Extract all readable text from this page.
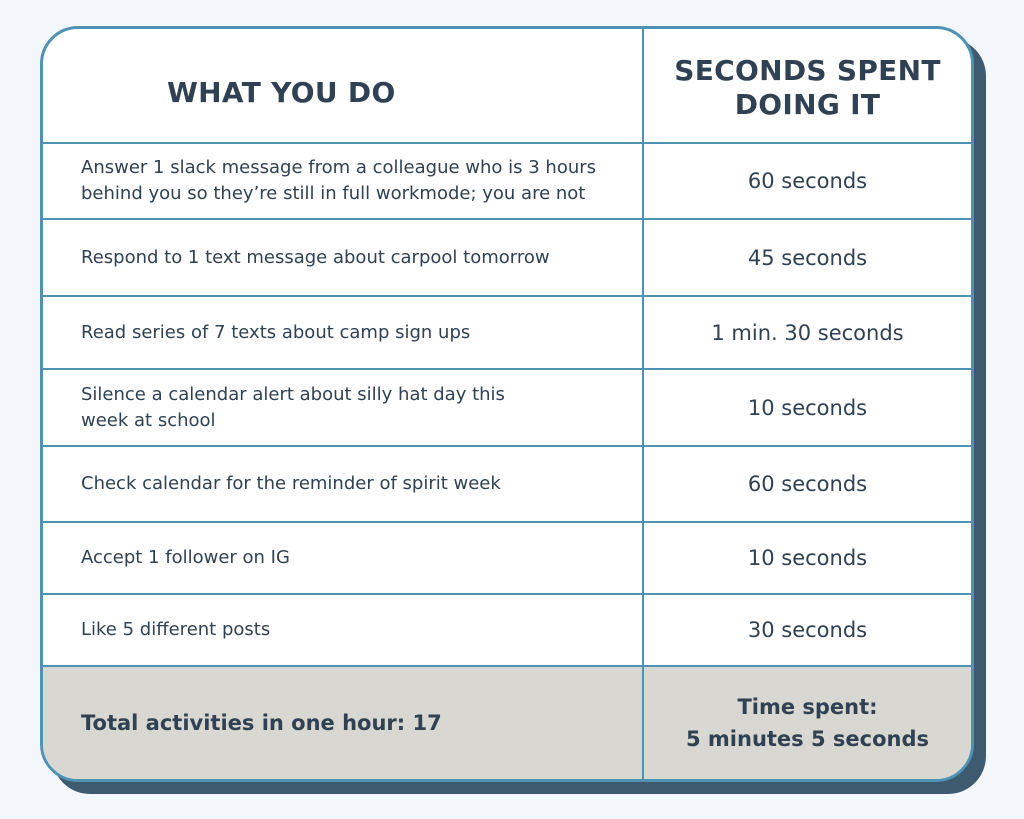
WHAT YOU DO	SECONDS SPENT
DOING IT

Answer 1 slack message from a colleague who is 3 hours
behind you so they’re still in full workmode; you are not	60 seconds

Respond to 1 text message about carpool tomorrow	45 seconds

Read series of 7 texts about camp sign ups	1 min. 30 seconds

Silence a calendar alert about silly hat day this
week at school	10 seconds

Check calendar for the reminder of spirit week	60 seconds

Accept 1 follower on IG	10 seconds

Like 5 different posts	30 seconds
Total activities in one hour: 17	Time spent:
5 minutes 5 seconds
